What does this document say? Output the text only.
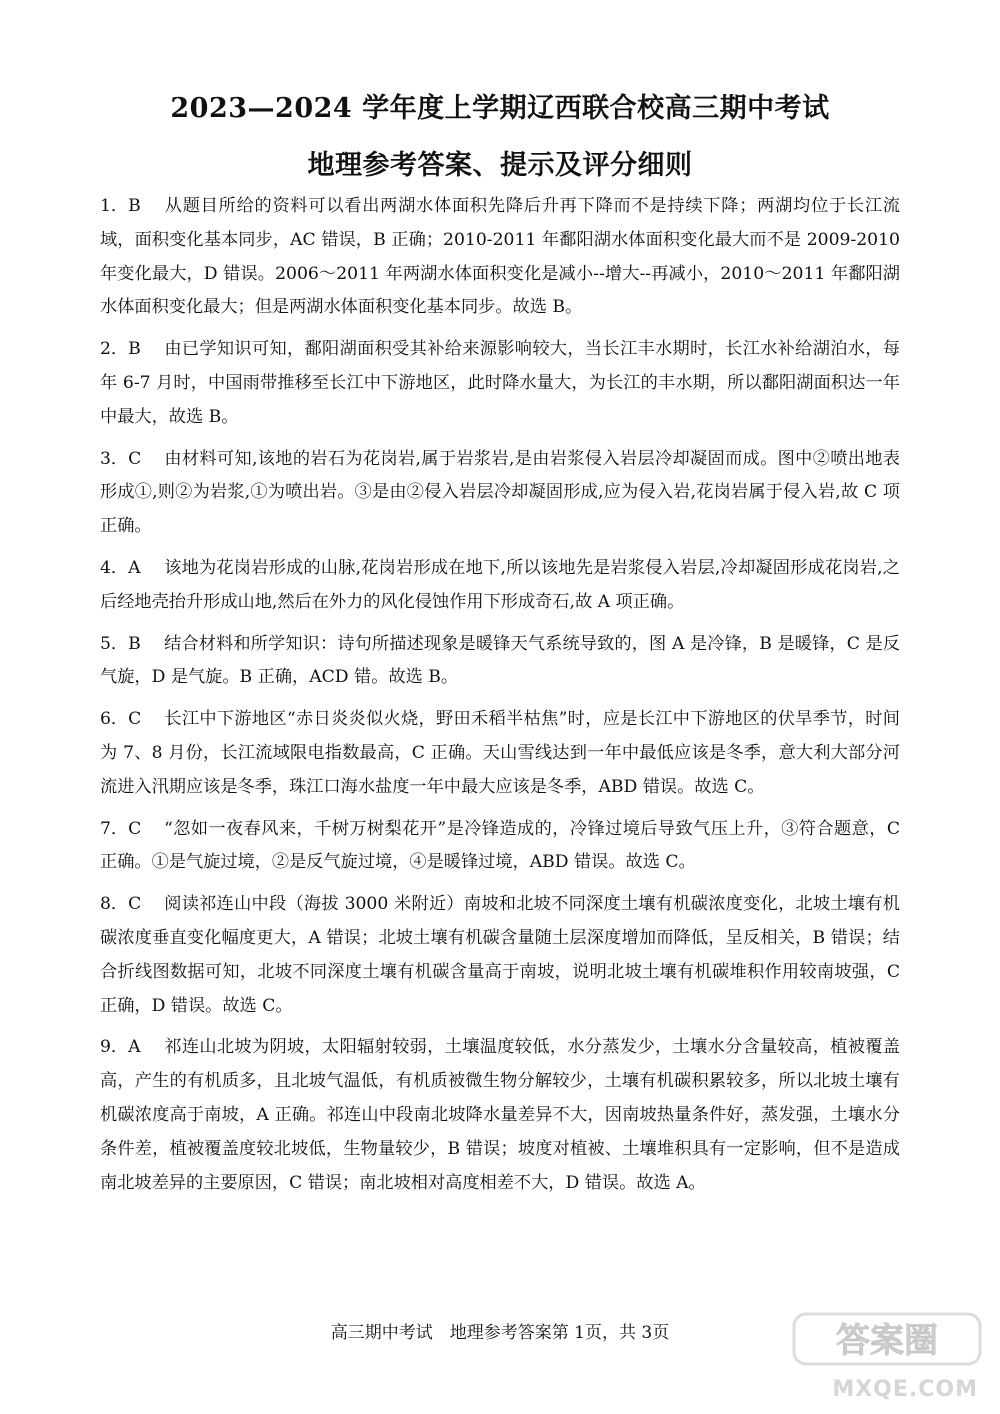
2023—2024 学年度上学期辽西联合校高三期中考试
地理参考答案、提示及评分细则

1．B 从题目所给的资料可以看出两湖水体面积先降后升再下降而不是持续下降；两湖均位于长江流域，面积变化基本同步，AC 错误，B 正确；2010-2011 年鄱阳湖水体面积变化最大而不是 2009-2010 年变化最大，D 错误。2006～2011 年两湖水体面积变化是减小--增大--再减小，2010～2011 年鄱阳湖水体面积变化最大；但是两湖水体面积变化基本同步。故选 B。

2．B 由已学知识可知，鄱阳湖面积受其补给来源影响较大，当长江丰水期时，长江水补给湖泊水，每年 6-7 月时，中国雨带推移至长江中下游地区，此时降水量大，为长江的丰水期，所以鄱阳湖面积达一年中最大，故选 B。

3．C 由材料可知,该地的岩石为花岗岩,属于岩浆岩,是由岩浆侵入岩层冷却凝固而成。图中②喷出地表形成①,则②为岩浆,①为喷出岩。③是由②侵入岩层冷却凝固形成,应为侵入岩,花岗岩属于侵入岩,故 C 项正确。

4．A 该地为花岗岩形成的山脉,花岗岩形成在地下,所以该地先是岩浆侵入岩层,冷却凝固形成花岗岩,之后经地壳抬升形成山地,然后在外力的风化侵蚀作用下形成奇石,故 A 项正确。

5．B 结合材料和所学知识：诗句所描述现象是暖锋天气系统导致的，图 A 是冷锋，B 是暖锋，C 是反气旋，D 是气旋。B 正确，ACD 错。故选 B。

6．C 长江中下游地区“赤日炎炎似火烧，野田禾稻半枯焦”时，应是长江中下游地区的伏旱季节，时间为 7、8 月份，长江流域限电指数最高，C 正确。天山雪线达到一年中最低应该是冬季，意大利大部分河流进入汛期应该是冬季，珠江口海水盐度一年中最大应该是冬季，ABD 错误。故选 C。

7．C “忽如一夜春风来，千树万树梨花开”是冷锋造成的，冷锋过境后导致气压上升，③符合题意，C 正确。①是气旋过境，②是反气旋过境，④是暖锋过境，ABD 错误。故选 C。

8．C 阅读祁连山中段（海拔 3000 米附近）南坡和北坡不同深度土壤有机碳浓度变化，北坡土壤有机碳浓度垂直变化幅度更大，A 错误；北坡土壤有机碳含量随土层深度增加而降低，呈反相关，B 错误；结合折线图数据可知，北坡不同深度土壤有机碳含量高于南坡，说明北坡土壤有机碳堆积作用较南坡强，C 正确，D 错误。故选 C。

9．A 祁连山北坡为阴坡，太阳辐射较弱，土壤温度较低，水分蒸发少，土壤水分含量较高，植被覆盖高，产生的有机质多，且北坡气温低，有机质被微生物分解较少，土壤有机碳积累较多，所以北坡土壤有机碳浓度高于南坡，A 正确。祁连山中段南北坡降水量差异不大，因南坡热量条件好，蒸发强，土壤水分条件差，植被覆盖度较北坡低，生物量较少，B 错误；坡度对植被、土壤堆积具有一定影响，但不是造成南北坡差异的主要原因，C 错误；南北坡相对高度相差不大，D 错误。故选 A。

高三期中考试　地理参考答案第 1页，共 3页	答案圈
MXQE.COM
